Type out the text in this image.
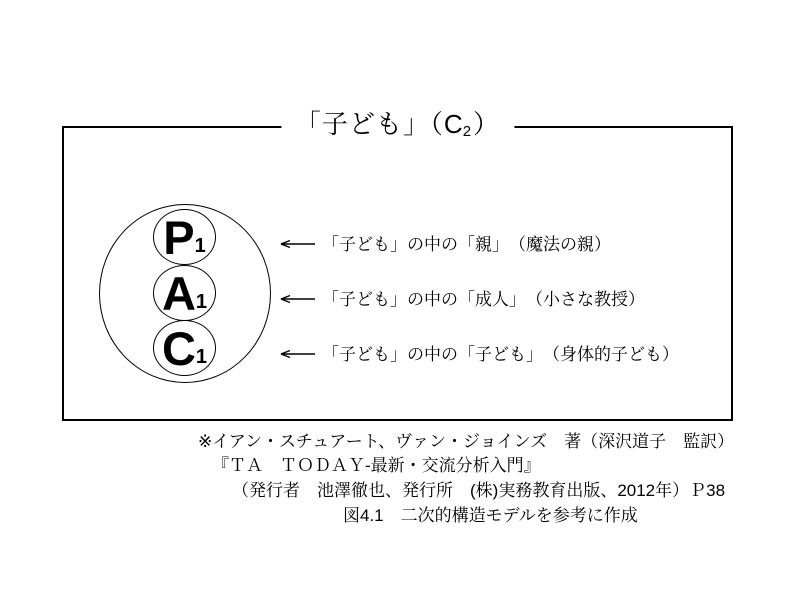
「子ども」（C2）
P 1
A 1
C 1
「子ども」の中の「親」　（魔法の親）
「子ども」の中の「成人」　（小さな教授）
「子ども」の中の「子ども」　（身体的子ども）
※イアン・スチュアート、ヴァン・ジョインズ　著（深沢道子　監訳）
『ＴＡ　ＴＯＤＡＹ-最新・交流分析入門』
（発行者　池澤徹也、発行所　(株)実務教育出版、2012年）Ｐ38
図4.1　二次的構造モデルを参考に作成
